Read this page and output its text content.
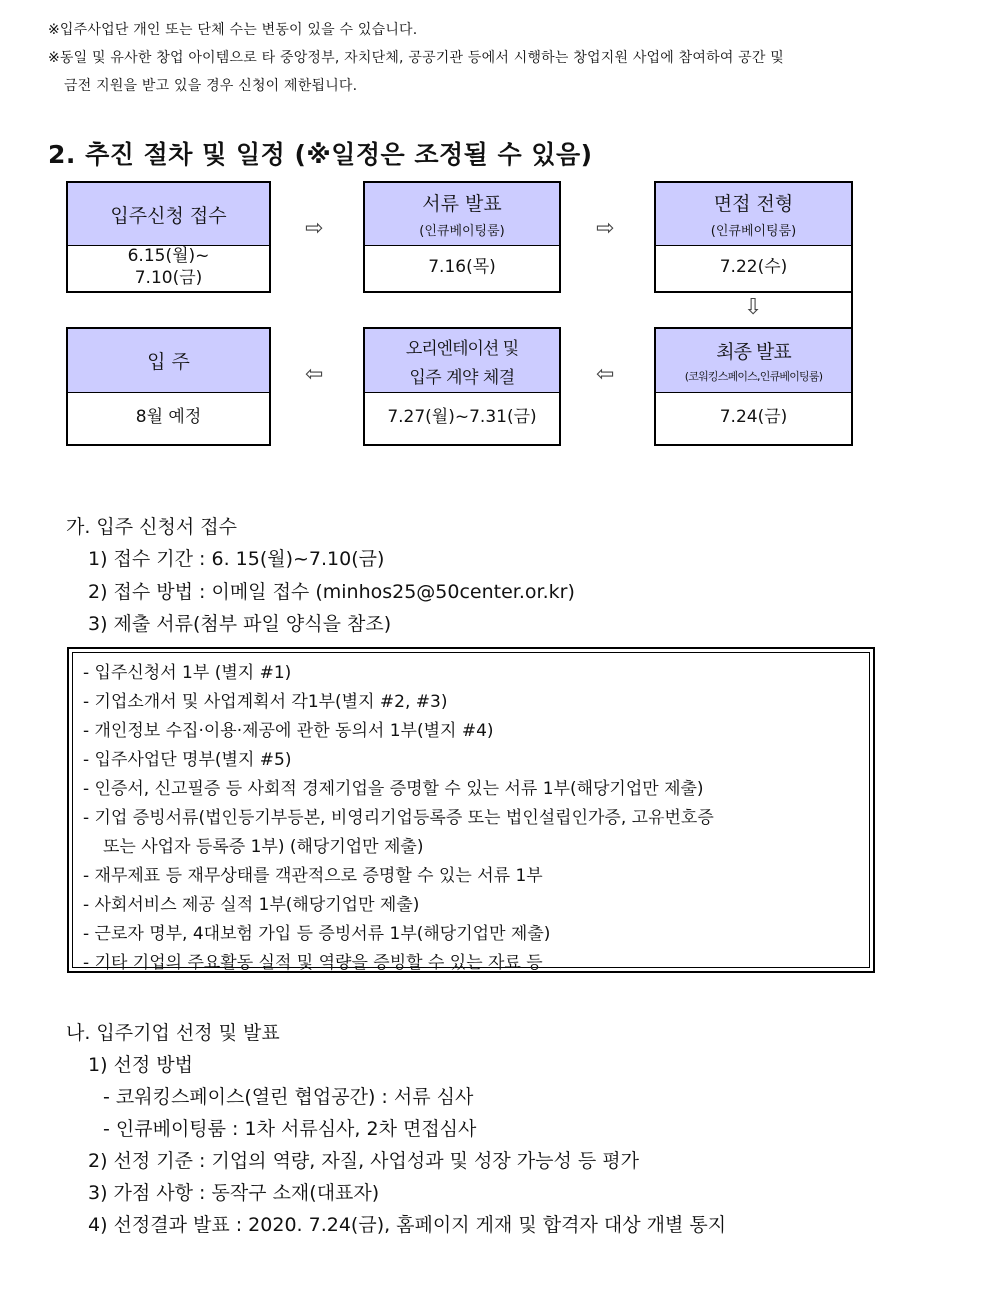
※입주사업단 개인 또는 단체 수는 변동이 있을 수 있습니다.
※동일 및 유사한 창업 아이템으로 타 중앙정부, 자치단체, 공공기관 등에서 시행하는 창업지원 사업에 참여하여 공간 및
금전 지원을 받고 있을 경우 신청이 제한됩니다.
2. 추진 절차 및 일정 (※일정은 조정될 수 있음)
입주신청 접수
6.15(월)~
7.10(금)
⇨
서류 발표
(인큐베이팅룸)
7.16(목)
⇨
면접 전형
(인큐베이팅룸)
7.22(수)
⇩
최종 발표
(코워킹스페이스,인큐베이팅룸)
7.24(금)
⇦
오리엔테이션 및
입주 계약 체결
7.27(월)~7.31(금)
⇦
입 주
8월 예정
가. 입주 신청서 접수
1) 접수 기간 : 6. 15(월)~7.10(금)
2) 접수 방법 : 이메일 접수 (minhos25@50center.or.kr)
3) 제출 서류(첨부 파일 양식을 참조)
- 입주신청서 1부 (별지 #1)
- 기업소개서 및 사업계획서 각1부(별지 #2, #3)
- 개인정보 수집·이용·제공에 관한 동의서 1부(별지 #4)
- 입주사업단 명부(별지 #5)
- 인증서, 신고필증 등 사회적 경제기업을 증명할 수 있는 서류 1부(해당기업만 제출)
- 기업 증빙서류(법인등기부등본, 비영리기업등록증 또는 법인설립인가증, 고유번호증
또는 사업자 등록증 1부) (해당기업만 제출)
- 재무제표 등 재무상태를 객관적으로 증명할 수 있는 서류 1부
- 사회서비스 제공 실적 1부(해당기업만 제출)
- 근로자 명부, 4대보험 가입 등 증빙서류 1부(해당기업만 제출)
- 기타 기업의 주요활동 실적 및 역량을 증빙할 수 있는 자료 등
나. 입주기업 선정 및 발표
1) 선정 방법
- 코워킹스페이스(열린 협업공간) : 서류 심사
- 인큐베이팅룸 : 1차 서류심사, 2차 면접심사
2) 선정 기준 : 기업의 역량, 자질, 사업성과 및 성장 가능성 등 평가
3) 가점 사항 : 동작구 소재(대표자)
4) 선정결과 발표 : 2020. 7.24(금), 홈페이지 게재 및 합격자 대상 개별 통지
